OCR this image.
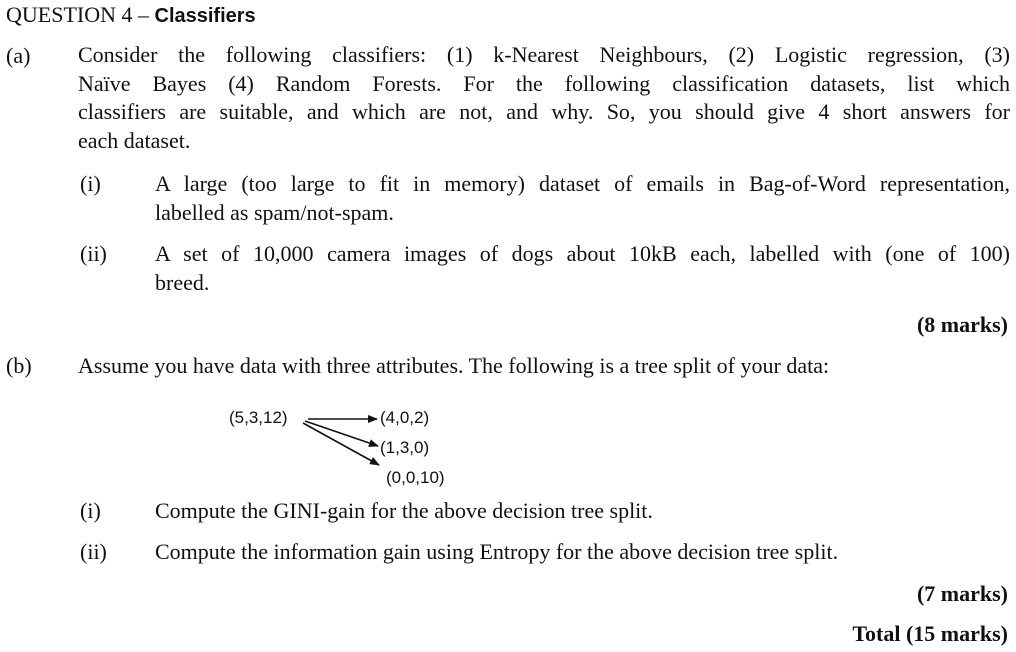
QUESTION 4 – Classifiers
(a) Consider the following classifiers: (1) k-Nearest Neighbours, (2) Logistic regression, (3)
Naïve Bayes (4) Random Forests. For the following classification datasets, list which
classifiers are suitable, and which are not, and why. So, you should give 4 short answers for
each dataset.
(i) A large (too large to fit in memory) dataset of emails in Bag-of-Word representation,
labelled as spam/not-spam.
(ii) A set of 10,000 camera images of dogs about 10kB each, labelled with (one of 100)
breed.
(8 marks)
(b) Assume you have data with three attributes. The following is a tree split of your data:
(5,3,12)	(4,0,2)
(1,3,0)
(0,0,10)
(i) Compute the GINI-gain for the above decision tree split.
(ii) Compute the information gain using Entropy for the above decision tree split.
(7 marks)
Total (15 marks)
